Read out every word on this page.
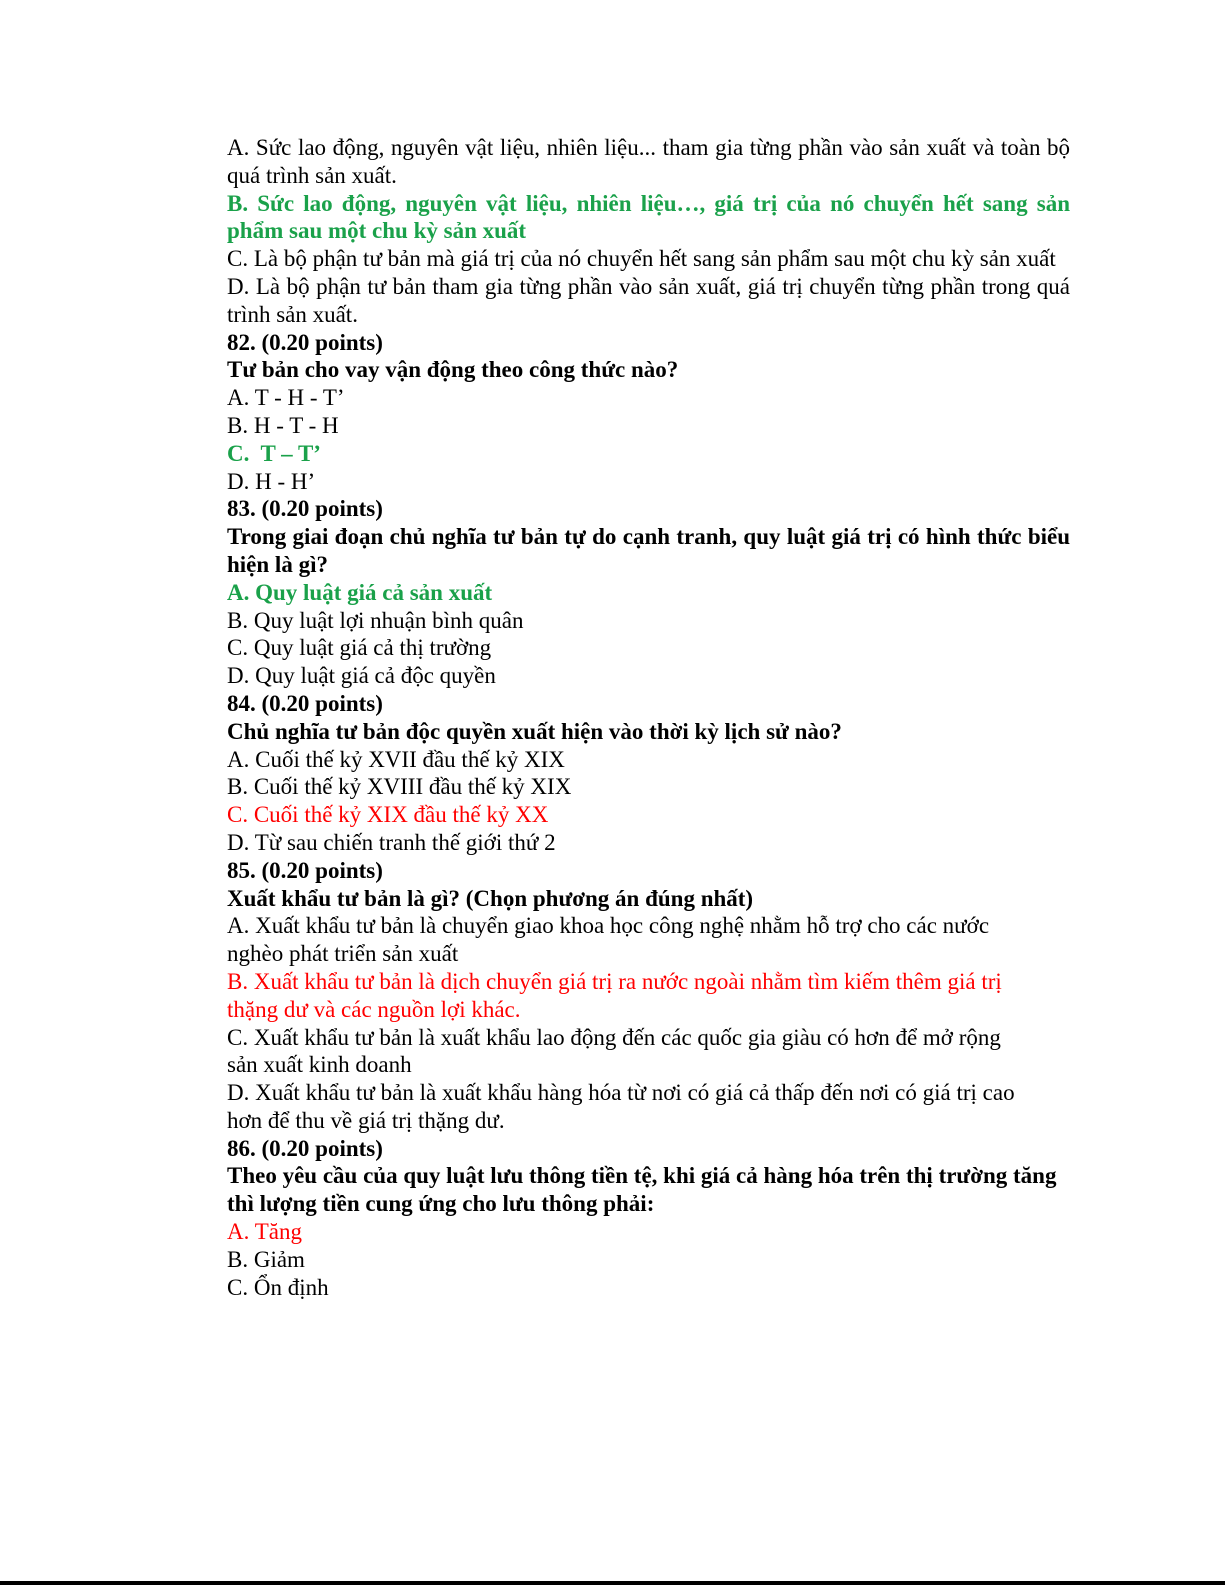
A. Sức lao động, nguyên vật liệu, nhiên liệu... tham gia từng phần vào sản xuất và toàn bộ quá trình sản xuất.
B. Sức lao động, nguyên vật liệu, nhiên liệu…, giá trị của nó chuyển hết sang sản phẩm sau một chu kỳ sản xuất
C. Là bộ phận tư bản mà giá trị của nó chuyển hết sang sản phẩm sau một chu kỳ sản xuất
D. Là bộ phận tư bản tham gia từng phần vào sản xuất, giá trị chuyển từng phần trong quá trình sản xuất.
82. (0.20 points)
Tư bản cho vay vận động theo công thức nào?
A. T - H - T’
B. H - T - H
C.  T – T’
D. H - H’
83. (0.20 points)
Trong giai đoạn chủ nghĩa tư bản tự do cạnh tranh, quy luật giá trị có hình thức biểu hiện là gì?
A. Quy luật giá cả sản xuất
B. Quy luật lợi nhuận bình quân
C. Quy luật giá cả thị trường
D. Quy luật giá cả độc quyền
84. (0.20 points)
Chủ nghĩa tư bản độc quyền xuất hiện vào thời kỳ lịch sử nào?
A. Cuối thế kỷ XVII đầu thế kỷ XIX
B. Cuối thế kỷ XVIII đầu thế kỷ XIX
C. Cuối thế kỷ XIX đầu thế kỷ XX
D. Từ sau chiến tranh thế giới thứ 2
85. (0.20 points)
Xuất khẩu tư bản là gì? (Chọn phương án đúng nhất)
A. Xuất khẩu tư bản là chuyển giao khoa học công nghệ nhằm hỗ trợ cho các nước
nghèo phát triển sản xuất
B. Xuất khẩu tư bản là dịch chuyển giá trị ra nước ngoài nhằm tìm kiếm thêm giá trị
thặng dư và các nguồn lợi khác.
C. Xuất khẩu tư bản là xuất khẩu lao động đến các quốc gia giàu có hơn để mở rộng
sản xuất kinh doanh
D. Xuất khẩu tư bản là xuất khẩu hàng hóa từ nơi có giá cả thấp đến nơi có giá trị cao
hơn để thu về giá trị thặng dư.
86. (0.20 points)
Theo yêu cầu của quy luật lưu thông tiền tệ, khi giá cả hàng hóa trên thị trường tăng thì lượng tiền cung ứng cho lưu thông phải:
A. Tăng
B. Giảm
C. Ổn định
